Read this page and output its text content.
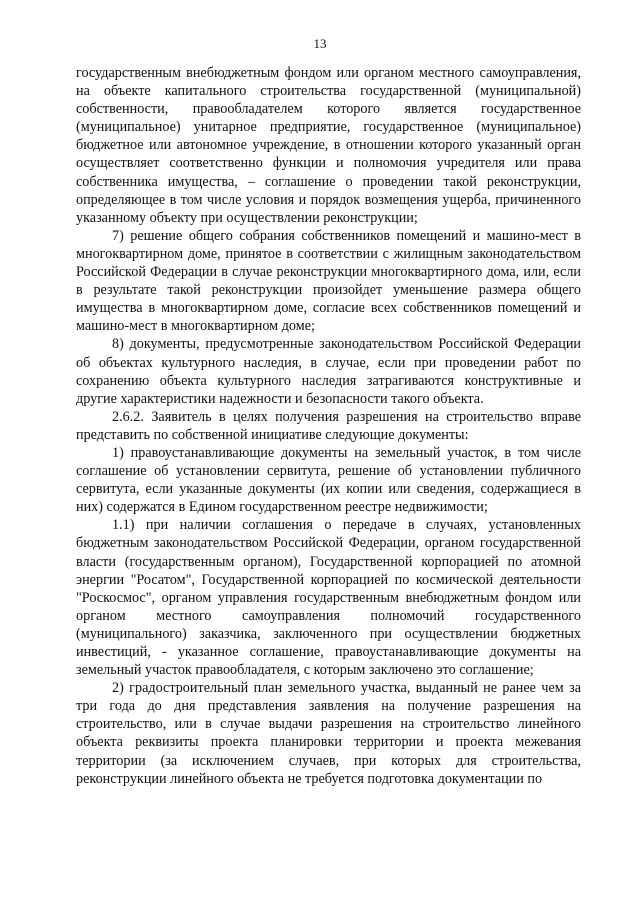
13

государственным внебюджетным фондом или органом местного самоуправления, на объекте капитального строительства государственной (муниципальной) собственности, правообладателем которого является государственное (муниципальное) унитарное предприятие, государственное (муниципальное) бюджетное или автономное учреждение, в отношении которого указанный орган осуществляет соответственно функции и полномочия учредителя или права собственника имущества, – соглашение о проведении такой реконструкции, определяющее в том числе условия и порядок возмещения ущерба, причиненного указанному объекту при осуществлении реконструкции;

7) решение общего собрания собственников помещений и машино-мест в многоквартирном доме, принятое в соответствии с жилищным законодательством Российской Федерации в случае реконструкции многоквартирного дома, или, если в результате такой реконструкции произойдет уменьшение размера общего имущества в многоквартирном доме, согласие всех собственников помещений и машино-мест в многоквартирном доме;

8) документы, предусмотренные законодательством Российской Федерации об объектах культурного наследия, в случае, если при проведении работ по сохранению объекта культурного наследия затрагиваются конструктивные и другие характеристики надежности и безопасности такого объекта.

2.6.2. Заявитель в целях получения разрешения на строительство вправе представить по собственной инициативе следующие документы:

1) правоустанавливающие документы на земельный участок, в том числе соглашение об установлении сервитута, решение об установлении публичного сервитута, если указанные документы (их копии или сведения, содержащиеся в них) содержатся в Едином государственном реестре недвижимости;

1.1) при наличии соглашения о передаче в случаях, установленных бюджетным законодательством Российской Федерации, органом государственной власти (государственным органом), Государственной корпорацией по атомной энергии "Росатом", Государственной корпорацией по космической деятельности "Роскосмос", органом управления государственным внебюджетным фондом или органом местного самоуправления полномочий государственного (муниципального) заказчика, заключенного при осуществлении бюджетных инвестиций, - указанное соглашение, правоустанавливающие документы на земельный участок правообладателя, с которым заключено это соглашение;

2) градостроительный план земельного участка, выданный не ранее чем за три года до дня представления заявления на получение разрешения на строительство, или в случае выдачи разрешения на строительство линейного объекта реквизиты проекта планировки территории и проекта межевания территории (за исключением случаев, при которых для строительства, реконструкции линейного объекта не требуется подготовка документации по
